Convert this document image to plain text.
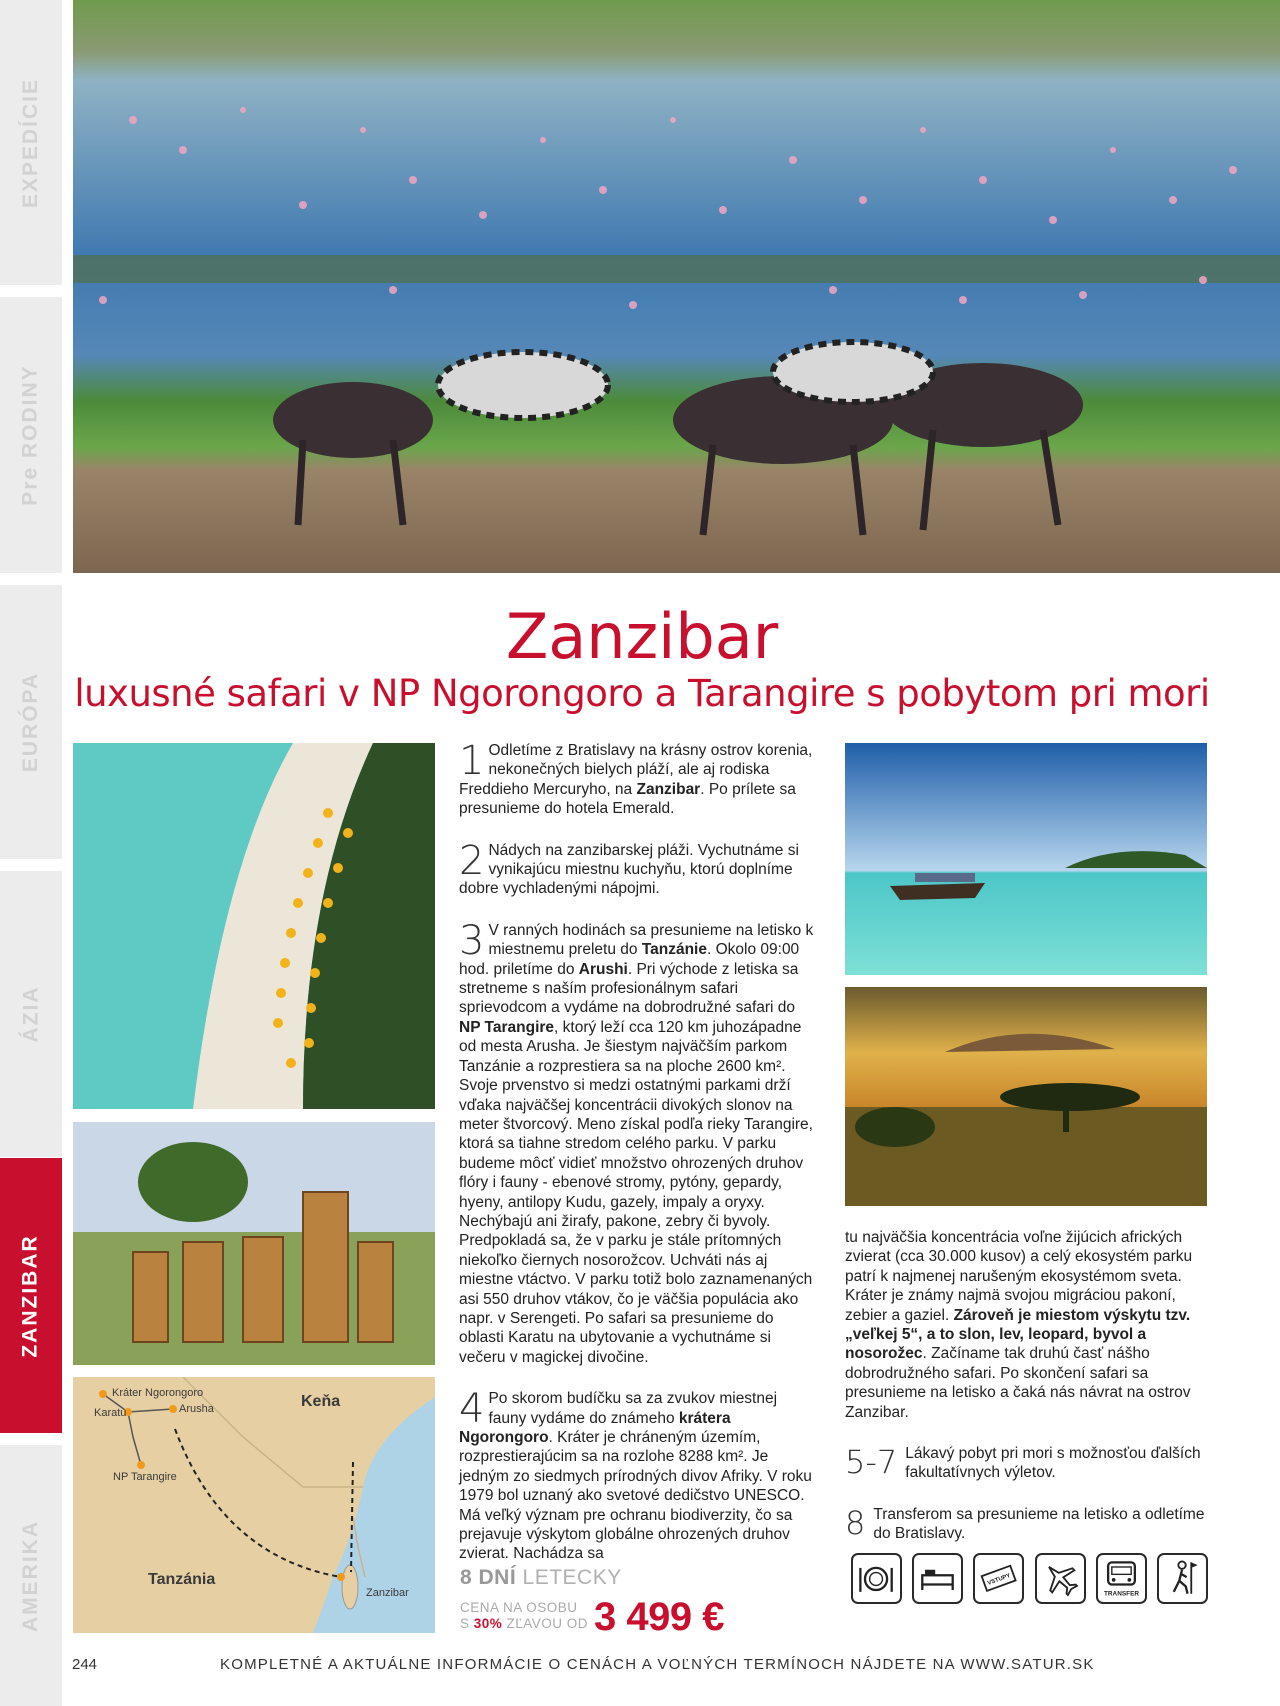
EXPEDÍCIE
Pre RODINY
EURÓPA
ÁZIA
ZANZIBAR
AMERIKA
Zanzibar
luxusné safari v NP Ngorongoro a Tarangire s pobytom pri mori
Keňa
Tanzánia
Kráter Ngorongoro
Arusha
Karatu
NP Tarangire
Zanzibar
1 Odletíme z Bratislavy na krásny ostrov korenia, nekonečných bielych pláží, ale aj rodiska Freddieho Mercuryho, na Zanzibar. Po prílete sa presunieme do hotela Emerald.

2 Nádych na zanzibarskej pláži. Vychutnáme si vynikajúcu miestnu kuchyňu, ktorú doplníme dobre vychladenými nápojmi.

3 V ranných hodinách sa presunieme na letisko k miestnemu preletu do Tanzánie. Okolo 09:00 hod. priletíme do Arushi. Pri východe z letiska sa stretneme s naším profesionálnym safari sprievodcom a vydáme na dobrodružné safari do NP Tarangire, ktorý leží cca 120 km juhozápadne od mesta Arusha. Je šiestym najväčším parkom Tanzánie a rozprestiera sa na ploche 2600 km². Svoje prvenstvo si medzi ostatnými parkami drží vďaka najväčšej koncentrácii divokých slonov na meter štvorcový. Meno získal podľa rieky Tarangire, ktorá sa tiahne stredom celého parku. V parku budeme môcť vidieť množstvo ohrozených druhov flóry i fauny - ebenové stromy, pytóny, gepardy, hyeny, antilopy Kudu, gazely, impaly a oryxy. Nechýbajú ani žirafy, pakone, zebry či byvoly. Predpokladá sa, že v parku je stále prítomných niekoľko čiernych nosorožcov. Uchváti nás aj miestne vtáctvo. V parku totiž bolo zaznamenaných asi 550 druhov vtákov, čo je väčšia populácia ako napr. v Serengeti. Po safari sa presunieme do oblasti Karatu na ubytovanie a vychutnáme si večeru v magickej divočine.

4 Po skorom budíčku sa za zvukov miestnej fauny vydáme do známeho krátera Ngorongoro. Kráter je chráneným územím, rozprestierajúcim sa na rozlohe 8288 km². Je jedným zo siedmych prírodných divov Afriky. V roku 1979 bol uznaný ako svetové dedičstvo UNESCO. Má veľký význam pre ochranu biodiverzity, čo sa prejavuje výskytom globálne ohrozených druhov zvierat. Nachádza sa

tu najväčšia koncentrácia voľne žijúcich afrických zvierat (cca 30.000 kusov) a celý ekosystém parku patrí k najmenej narušeným ekosystémom sveta. Kráter je známy najmä svojou migráciou pakoní, zebier a gaziel. Zároveň je miestom výskytu tzv. „veľkej 5“, a to slon, lev, leopard, byvol a nosorožec. Začíname tak druhú časť nášho dobrodružného safari. Po skončení safari sa presunieme na letisko a čaká nás návrat na ostrov Zanzibar.

5-7 Lákavý pobyt pri mori s možnosťou ďalších fakultatívnych výletov.

8 Transferom sa presunieme na letisko a odletíme do Bratislavy.

8 DNÍ LETECKY
CENA NA OSOBU
S 30% ZĽAVOU OD 3 499 €
VSTUPY
TRANSFER
244	KOMPLETNÉ A AKTUÁLNE INFORMÁCIE O CENÁCH A VOĽNÝCH TERMÍNOCH NÁJDETE NA WWW.SATUR.SK
